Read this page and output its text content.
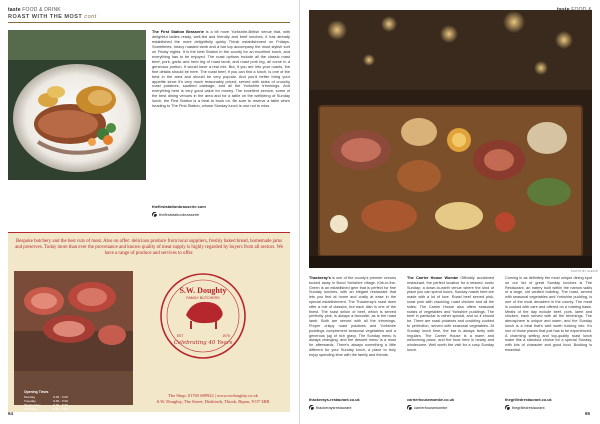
taste FOOD & DRINK
ROAST WITH THE MOST cont
The First Station Brasserie is a bit more Yorkshire-British venue that, with delightful ladies ready, well-fed and friendly and brief lunches, it has already established the more delightfully quirky Thirsk establishment on Fridays. Sometimes, heavy roasted lamb and a bar top accompany the most stylish sort on Friday nights. It is the best Station in the county for an excellent lunch, and everything has to be enjoyed. The roast options include all the classic roast beef, pork, garlic and herb leg of roast lamb, and roast pork leg, all come in a generous portion. It would have a real mix. But, if you are into your roasts, the fine details should be here. The roast beef, if you can find a lunch, is one of the best in the area and should be very popular. And you'd better bring your appetite since it's very much reasonably priced, served with sides of crunchy roast potatoes, sautéed cabbage, and all the Yorkshire trimmings. And everything here is very good value for money. The excellent service, some of the best dining venues in the area and for a table on the wellbeing of Sunday lunch, the First Station is a treat to book on. Be sure to reserve a table when heading to The First Station, whose Sunday lunch is one not to miss.
thefirststationbrasserie.com
thefirststationbrasserie
Bespoke butchery and the best cuts of meat. Also on offer: delicious produce from local suppliers, freshly baked bread, homemade jams and preserves. Today more than ever the provenance and known quality of meat supply is highly regarded by buyers from all sectors. We have a range of produce and services to offer.
Opening Times
Monday	8.30 - 5.00
Tuesday	8.30 - 5.00
Wednesday	8.30 - 5.00
Thursday	8.30 - 5.00
Friday	8.30 - 5.00
Saturday	8.30 - 4.00
Sunday	Closed
S.W. Doughty
FAMILY BUTCHERS
EST	1976
Celebrating 40 Years
The Shop: 01765 689922 | www.swdoughty.co.uk
S.W. Doughty, The Street, Dishforth, Thirsk, Ripon, YO7 3RB
64
PHOTO BY ALEXIS
Thackeray's is one of the county's premier venues tucked away in Bond Yorkshire village. Kirk-in-the-Green is an established gem that is perfect for fine Sunday lunches, with an elegant restaurant that lets you feel at home and cosily at ease in the special establishment. The Thackeray's roast does offer a mix of classics, but each dish is one of the finest. The roast sirloin of beef, which is served perfectly pink, is always a favourite, as is the roast lamb. Both are served with all the trimmings. Proper crispy roast potatoes and Yorkshire puddings complement seasonal vegetables and a generous jug of rich gravy. The Sunday menu is always changing, and the dessert menu is a must for afterwards. There's always something a little different for your Sunday lunch, a place to truly enjoy spending time with the family and friends.
thackerays-restaurant.co.uk
thackeraysrestaurant
The Carrier House Wombe Officially acclaimed restaurant, the perfect location for a relaxed, rustic Sunday; a down-to-earth venue where the kind of place you can spend hours. Sunday roasts here are made with a lot of love. Roast beef served pink, roast pork with crackling, roast chicken and all the sides. The Carrier House also offers seasonal roasts of vegetables and Yorkshire puddings. The beef in particular is rather special, and so it should be. There are roast potatoes and crackling cooked to perfection, served with seasonal vegetables. At Sunday lunch time, the bar is always lively with regulars. The Carrier House is a warm and welcoming place, and the food here is hearty and wholesome. Well worth the visit for a cosy Sunday lunch.
carrierhousewombe.co.uk
carrierhousewombe
Coming in as definitely the most unique dining spot on our list of great Sunday lunches is The Restaurant, an eatery built within the narrow walls of a large, old vaulted building. The roast, served with seasonal vegetables and Yorkshire pudding, is one of the most decadent in the county. The meat is cooked with care and offered on a rotating basis. Meats of the day include beef, pork, lamb and chicken, each served with all the trimmings. The atmosphere is unique and warm, and the Sunday lunch is a treat that's well worth tucking into. It's one of those places that just has to be experienced. A charming setting and top-quality roast lunch make this a standout choice for a special Sunday, with lots of character and good food. Booking is essential.
thegrilledrestaurant.co.uk
thegrilledrestaurant
65
